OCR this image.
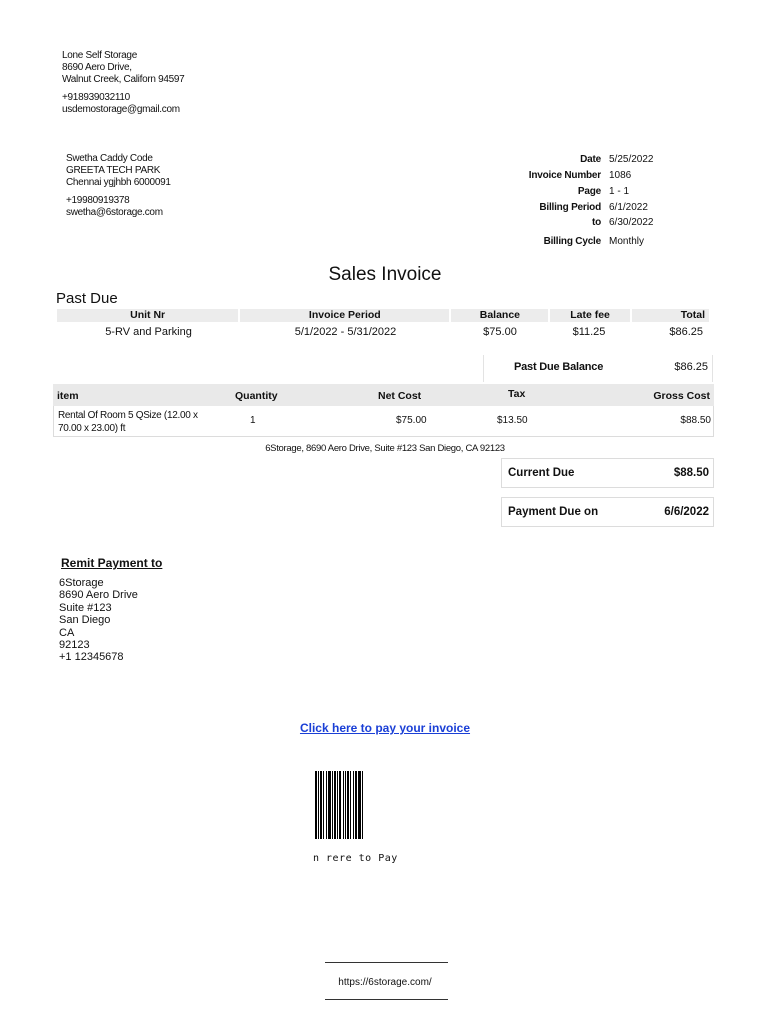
Lone Self Storage
8690 Aero Drive,
Walnut Creek, Californ 94597
+918939032110
usdemostorage@gmail.com
Swetha Caddy Code
GREETA TECH PARK
Chennai ygjhbh 6000091
+19980919378
swetha@6storage.com
Date 5/25/2022
Invoice Number 1086
Page 1 - 1
Billing Period 6/1/2022
to 6/30/2022
Billing Cycle Monthly
Sales Invoice
Past Due
Unit Nr	Invoice Period	Balance	Late fee	Total
5-RV and Parking	5/1/2022 - 5/31/2022	$75.00	$11.25	$86.25
Past Due Balance	$86.25
item	Quantity	Net Cost	Tax	Gross Cost
Rental Of Room 5 QSize (12.00 x
70.00 x 23.00) ft
1	$75.00	$13.50	$88.50
6Storage, 8690 Aero Drive, Suite #123 San Diego, CA 92123
Current Due	$88.50
Payment Due on	6/6/2022
Remit Payment to
6Storage
8690 Aero Drive
Suite #123
San Diego
CA
92123
+1 12345678
Click here to pay your invoice
n rere to Pay
https://6storage.com/
